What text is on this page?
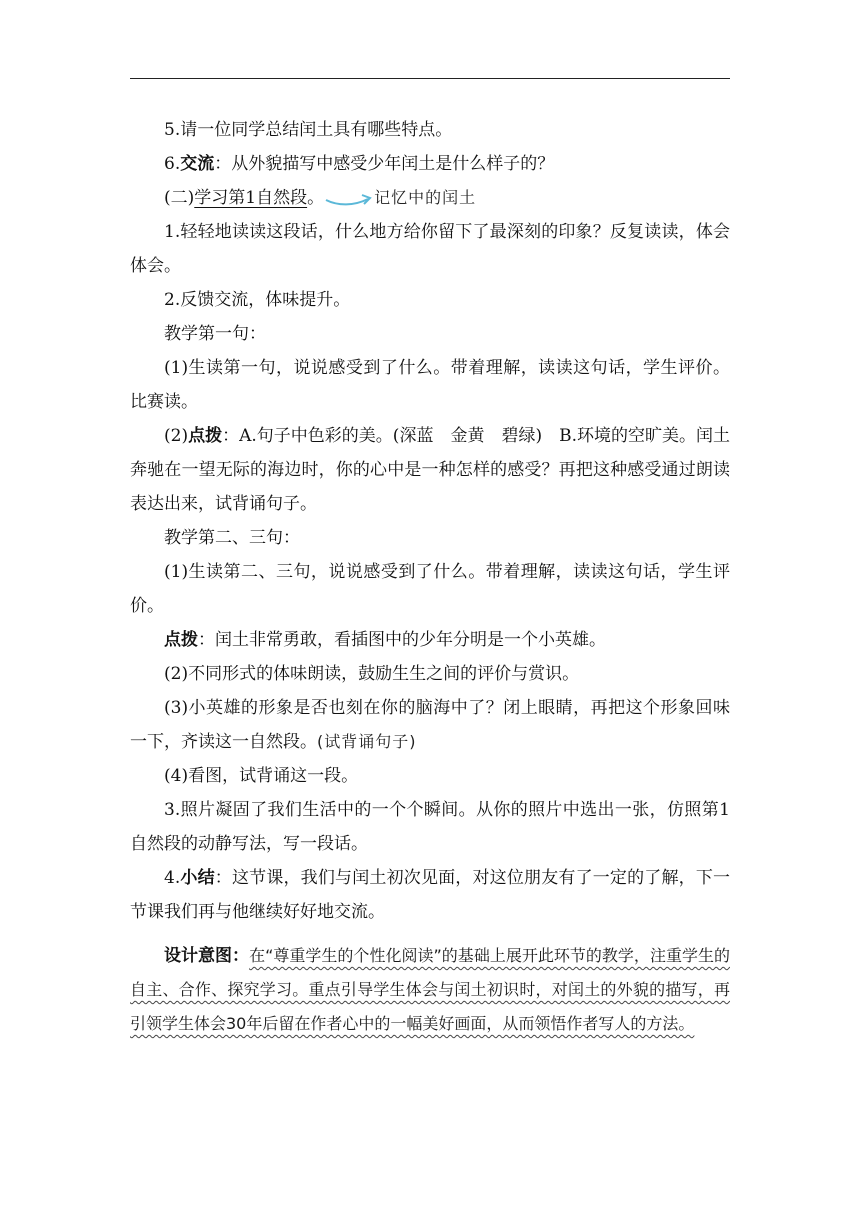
5.请一位同学总结闰土具有哪些特点。

6.交流：从外貌描写中感受少年闰土是什么样子的？

(二)学习第1自然段。	记忆中的闰土

1.轻轻地读读这段话，什么地方给你留下了最深刻的印象？反复读读，体会体会。

2.反馈交流，体味提升。

教学第一句：

(1)生读第一句，说说感受到了什么。带着理解，读读这句话，学生评价。比赛读。

(2)点拨：A.句子中色彩的美。(深蓝　金黄　碧绿)　B.环境的空旷美。闰土奔驰在一望无际的海边时，你的心中是一种怎样的感受？再把这种感受通过朗读表达出来，试背诵句子。

教学第二、三句：

(1)生读第二、三句，说说感受到了什么。带着理解，读读这句话，学生评价。

点拨：闰土非常勇敢，看插图中的少年分明是一个小英雄。

(2)不同形式的体味朗读，鼓励生生之间的评价与赏识。

(3)小英雄的形象是否也刻在你的脑海中了？闭上眼睛，再把这个形象回味一下，齐读这一自然段。(试背诵句子)

(4)看图，试背诵这一段。

3.照片凝固了我们生活中的一个个瞬间。从你的照片中选出一张，仿照第1自然段的动静写法，写一段话。

4.小结：这节课，我们与闰土初次见面，对这位朋友有了一定的了解，下一节课我们再与他继续好好地交流。

设计意图：在“尊重学生的个性化阅读”的基础上展开此环节的教学，注重学生的自主、合作、探究学习。重点引导学生体会与闰土初识时，对闰土的外貌的描写，再引领学生体会30年后留在作者心中的一幅美好画面，从而领悟作者写人的方法。
